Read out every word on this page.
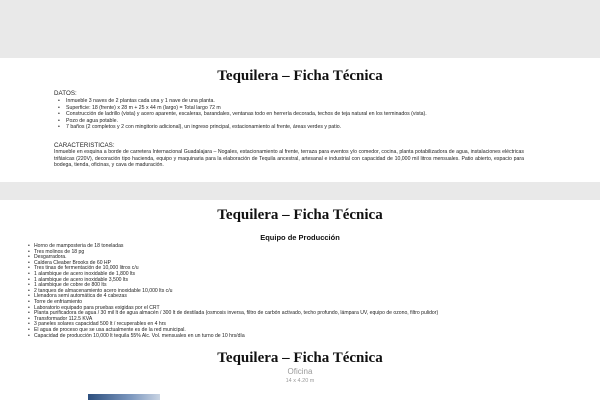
Tequilera – Ficha Técnica

DATOS:

• Inmueble 3 naves de 2 plantas cada una y 1 nave de una planta.
• Superficie: 18 (frente) x 28 m + 25 x 44 m (largo) = Total largo 72 m
• Construcción de ladrillo (vista) y acero aparente, escaleras, barandales, ventanas todo en herrería decorada, techos de teja natural en los terminados (vista).
• Pozo de agua potable.
• 7 baños (2 completos y 2 con mingitorio adicional), un ingreso principal, estacionamiento al frente, áreas verdes y patio.

CARACTERISTICAS:

Inmueble en esquina a borde de carretera Internacional Guadalajara – Nogales, estacionamiento al frente, terraza para eventos y/o comedor, cocina, planta potabilizadora de agua, instalaciones eléctricas trifásicas (220V), decoración tipo hacienda, equipo y maquinaria para la elaboración de Tequila ancestral, artesanal e industrial con capacidad de 10,000 mil litros mensuales. Patio abierto, espacio para bodega, tienda, oficinas, y cava de maduración.

Tequilera – Ficha Técnica

Equipo de Producción

• Horno de mamposteria de 18 toneladas
• Tres molinos de 18 pg
• Desgarradora.
• Caldera Cleaber Brooks de 60 HP
• Tres tinas de fermentación de 10,000 litros c/u
• 1 alambique de acero inoxidable de 1,800 lts
• 1 alambique de acero inoxidable 3,500 lts
• 1 alambique de cobre de 800 lts
• 2 tanques de almacenamiento acero inoxidable 10,000 lts c/u
• Llenadora semi automática de 4 cabezas
• Torre de enfriamiento
• Laboratorio equipado para pruebas exigidas por el CRT
• Planta purificadora de agua / 30 mil lt de agua almacén / 300 lt de destilada (osmosis inversa, filtro de carbón activado, techo profundo, lámpara UV, equipo de ozono, filtro pulidor)
• Transformador 112.5 KVA
• 3 paneles solares capacidad 500 lt / recuperables en 4 hrs
• El agua de proceso que se usa actualmente es de la red municipal.
• Capacidad de producción 10,000 lt tequila 55% Alc. Vol. mensuales en un turno de 10 hrs/día
Tequilera – Ficha Técnica

Oficina

14 x 4.20 m
